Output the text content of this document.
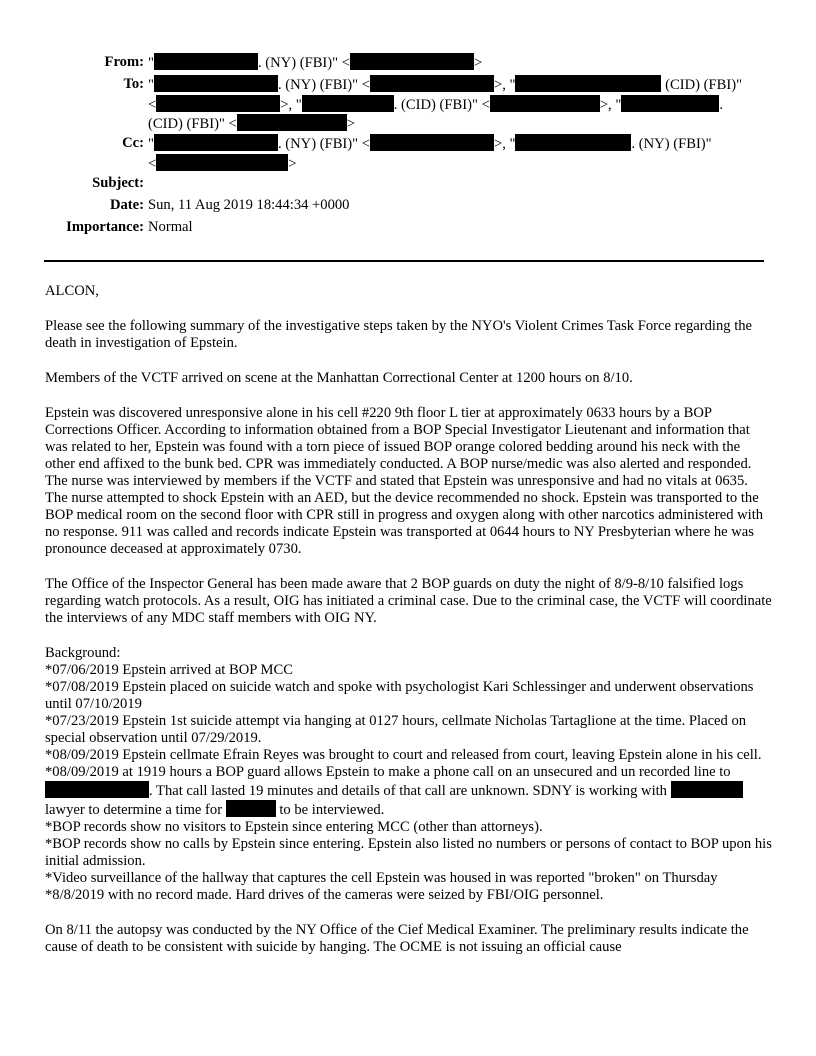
From: "	. (NY) (FBI)" <	>
To: "	. (NY) (FBI)" <	>, "	(CID) (FBI)"
<	>, "	. (CID) (FBI)" <	>, "	.
(CID) (FBI)" <	>
Cc: "	. (NY) (FBI)" <	>, "	. (NY) (FBI)"
<	>
Subject:
Date: Sun, 11 Aug 2019 18:44:34 +0000
Importance: Normal

ALCON,

Please see the following summary of the investigative steps taken by the NYO's Violent Crimes Task Force regarding the death in investigation of Epstein.

Members of the VCTF arrived on scene at the Manhattan Correctional Center at 1200 hours on 8/10.

Epstein was discovered unresponsive alone in his cell #220 9th floor L tier at approximately 0633 hours by a BOP Corrections Officer. According to information obtained from a BOP Special Investigator Lieutenant and information that was related to her, Epstein was found with a torn piece of issued BOP orange colored bedding around his neck with the other end affixed to the bunk bed. CPR was immediately conducted. A BOP nurse/medic was also alerted and responded. The nurse was interviewed by members if the VCTF and stated that Epstein was unresponsive and had no vitals at 0635. The nurse attempted to shock Epstein with an AED, but the device recommended no shock. Epstein was transported to the BOP medical room on the second floor with CPR still in progress and oxygen along with other narcotics administered with no response. 911 was called and records indicate Epstein was transported at 0644 hours to NY Presbyterian where he was pronounce deceased at approximately 0730.

The Office of the Inspector General has been made aware that 2 BOP guards on duty the night of 8/9-8/10 falsified logs regarding watch protocols. As a result, OIG has initiated a criminal case. Due to the criminal case, the VCTF will coordinate the interviews of any MDC staff members with OIG NY.

Background:

*07/06/2019 Epstein arrived at BOP MCC

*07/08/2019 Epstein placed on suicide watch and spoke with psychologist Kari Schlessinger and underwent observations until 07/10/2019

*07/23/2019 Epstein 1st suicide attempt via hanging at 0127 hours, cellmate Nicholas Tartaglione at the time. Placed on special observation until 07/29/2019.

*08/09/2019 Epstein cellmate Efrain Reyes was brought to court and released from court, leaving Epstein alone in his cell.

*08/09/2019 at 1919 hours a BOP guard allows Epstein to make a phone call on an unsecured and un recorded line to . That call lasted 19 minutes and details of that call are unknown. SDNY is working with  lawyer to determine a time for	to be interviewed.

*BOP records show no visitors to Epstein since entering MCC (other than attorneys).

*BOP records show no calls by Epstein since entering. Epstein also listed no numbers or persons of contact to BOP upon his initial admission.

*Video surveillance of the hallway that captures the cell Epstein was housed in was reported "broken" on Thursday *8/8/2019 with no record made. Hard drives of the cameras were seized by FBI/OIG personnel.

On 8/11 the autopsy was conducted by the NY Office of the Cief Medical Examiner. The preliminary results indicate the cause of death to be consistent with suicide by hanging. The OCME is not issuing an official cause
